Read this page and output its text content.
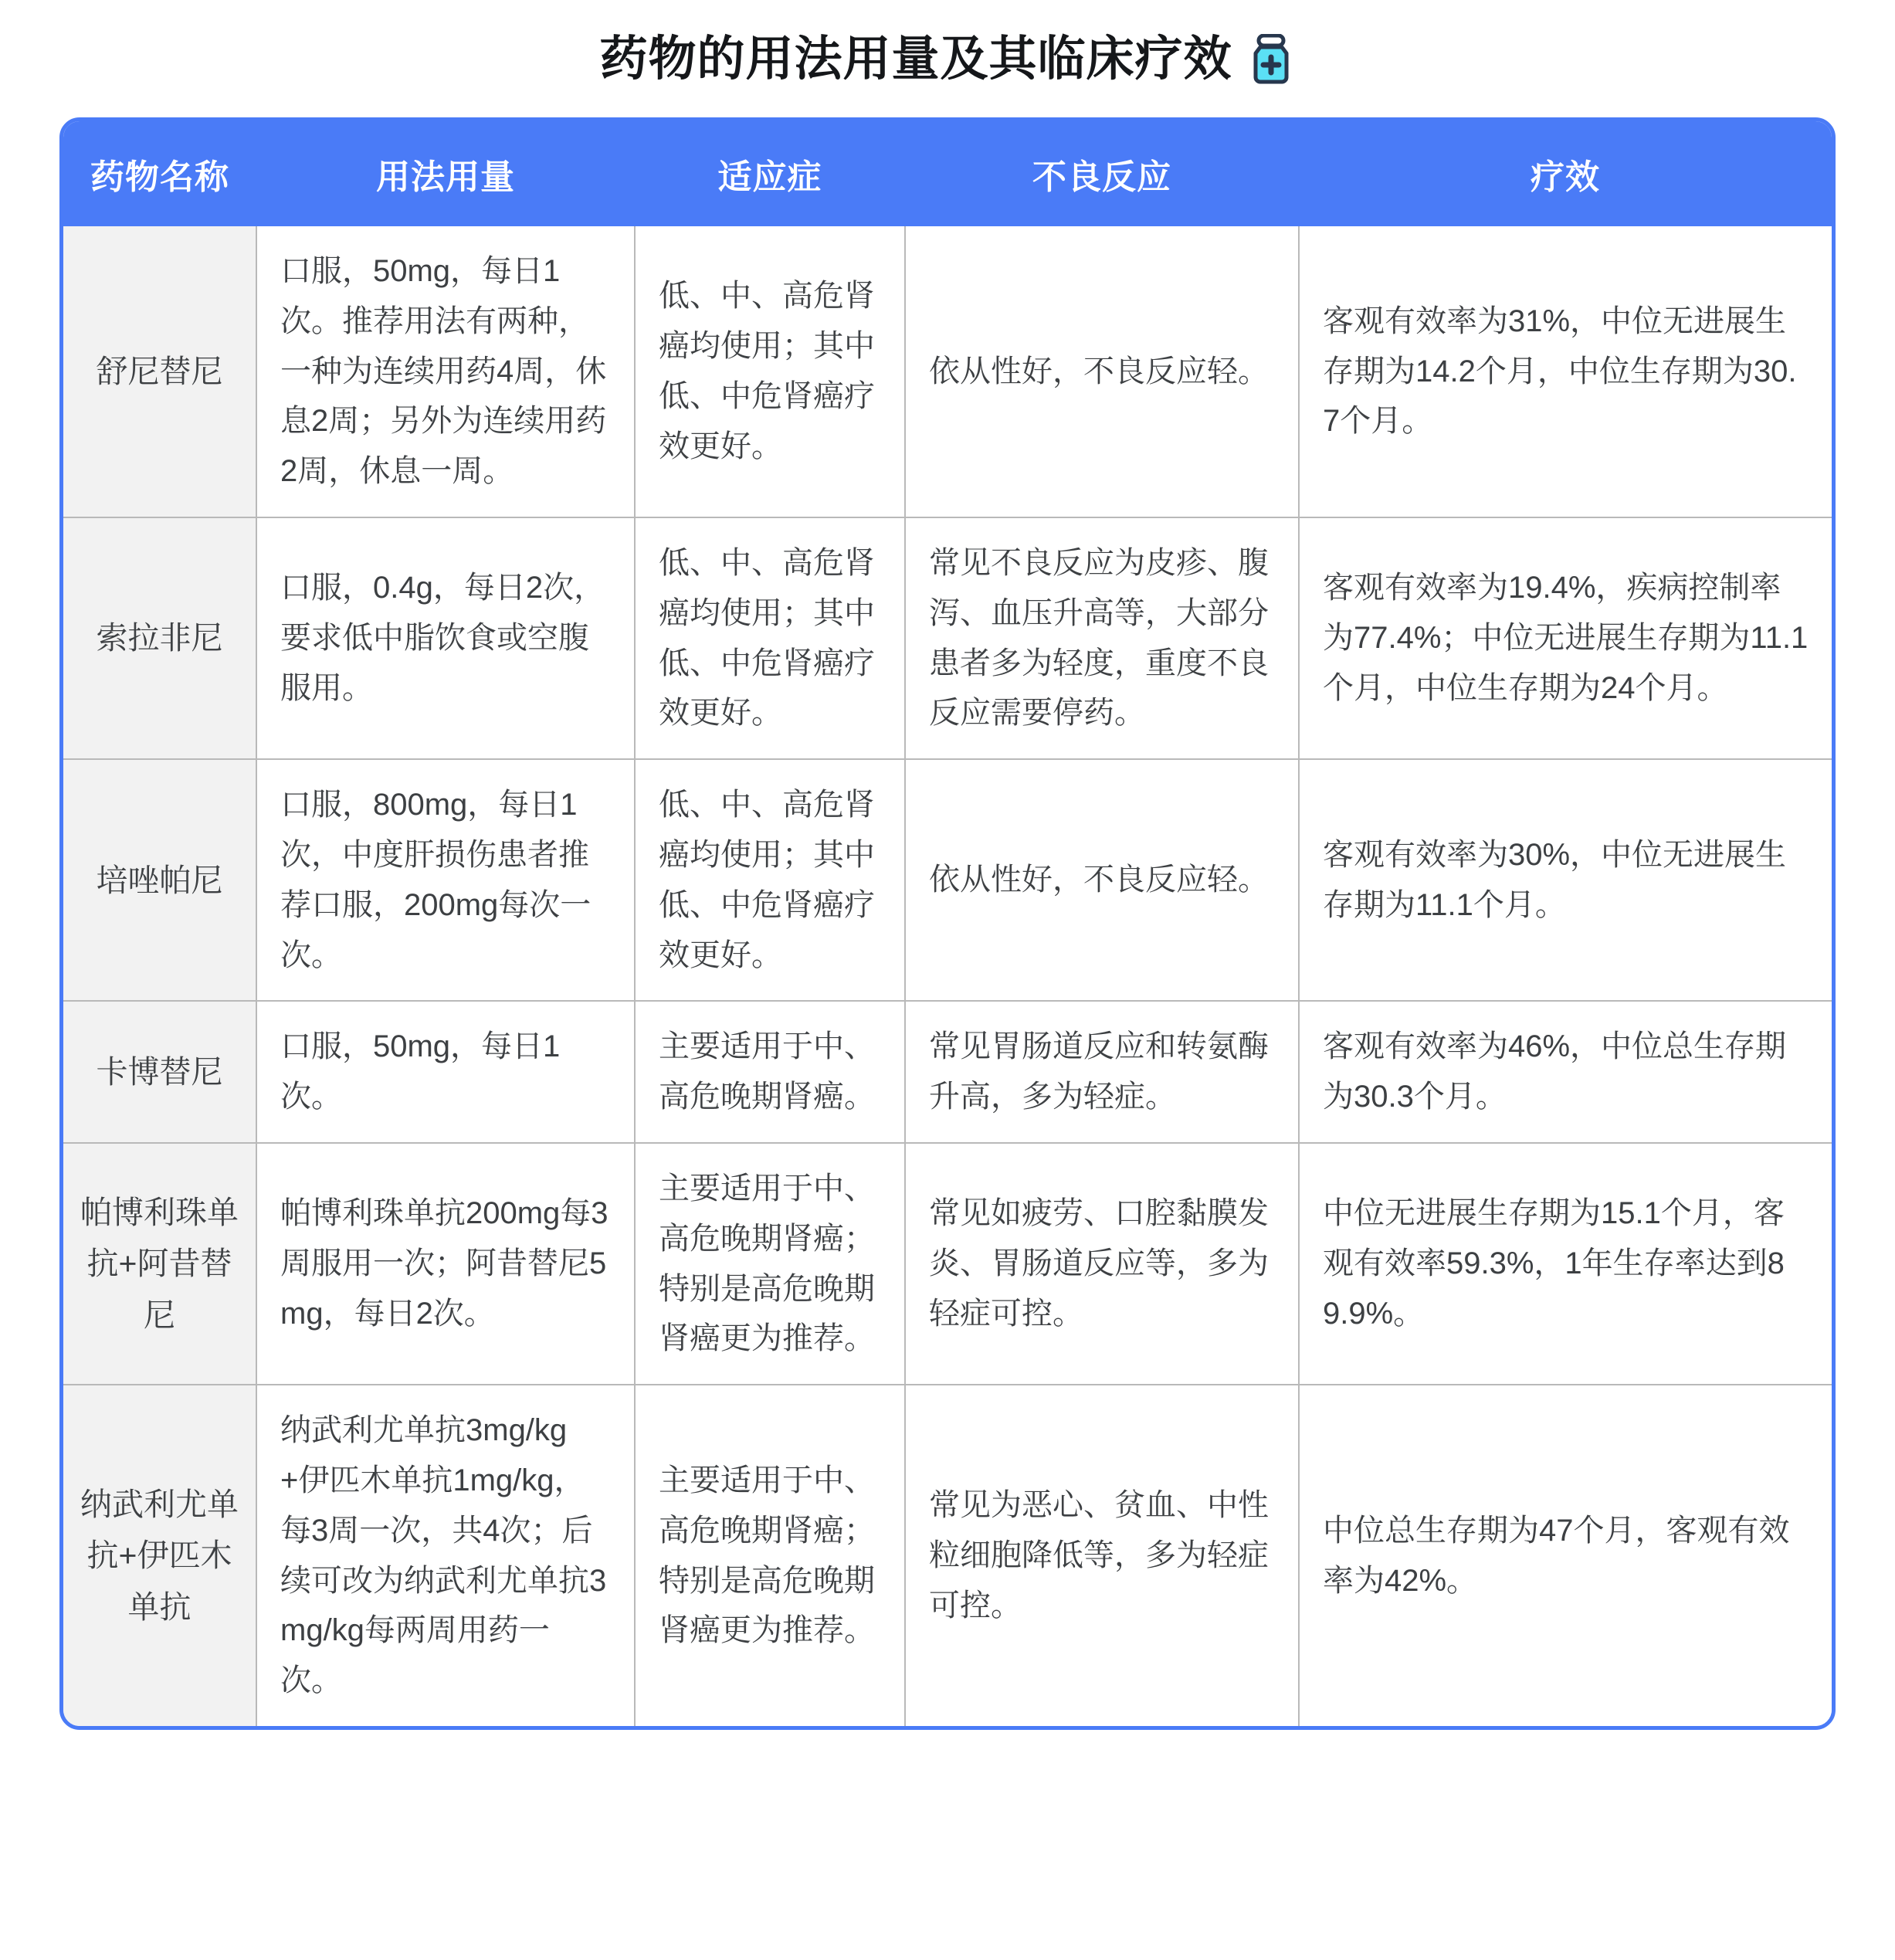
药物的用法用量及其临床疗效
药物名称	用法用量	适应症	不良反应	疗效
舒尼替尼	口服，50mg，每日1次。推荐用法有两种，一种为连续用药4周，休息2周；另外为连续用药2周，休息一周。	低、中、高危肾癌均使用；其中低、中危肾癌疗效更好。	依从性好，不良反应轻。	客观有效率为31%，中位无进展生存期为14.2个月，中位生存期为30.7个月。
索拉非尼	口服，0.4g，每日2次，要求低中脂饮食或空腹服用。	低、中、高危肾癌均使用；其中低、中危肾癌疗效更好。	常见不良反应为皮疹、腹泻、血压升高等，大部分患者多为轻度，重度不良反应需要停药。	客观有效率为19.4%，疾病控制率为77.4%；中位无进展生存期为11.1个月，中位生存期为24个月。
培唑帕尼	口服，800mg，每日1次，中度肝损伤患者推荐口服，200mg每次一次。	低、中、高危肾癌均使用；其中低、中危肾癌疗效更好。	依从性好，不良反应轻。	客观有效率为30%，中位无进展生存期为11.1个月。
卡博替尼	口服，50mg，每日1次。	主要适用于中、高危晚期肾癌。	常见胃肠道反应和转氨酶升高，多为轻症。	客观有效率为46%，中位总生存期为30.3个月。
帕博利珠单抗+阿昔替尼	帕博利珠单抗200mg每3周服用一次；阿昔替尼5mg，每日2次。	主要适用于中、高危晚期肾癌；特别是高危晚期肾癌更为推荐。	常见如疲劳、口腔黏膜发炎、胃肠道反应等，多为轻症可控。	中位无进展生存期为15.1个月，客观有效率59.3%，1年生存率达到89.9%。
纳武利尤单抗+伊匹木单抗	纳武利尤单抗3mg/kg+伊匹木单抗1mg/kg，每3周一次，共4次；后续可改为纳武利尤单抗3mg/kg每两周用药一次。	主要适用于中、高危晚期肾癌；特别是高危晚期肾癌更为推荐。	常见为恶心、贫血、中性粒细胞降低等，多为轻症可控。	中位总生存期为47个月，客观有效率为42%。
